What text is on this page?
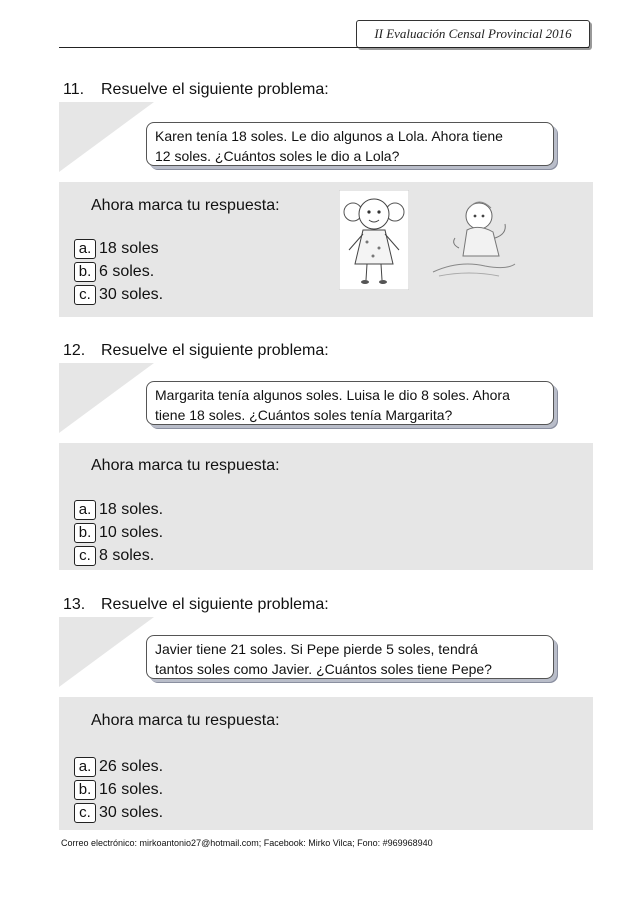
II Evaluación Censal Provincial 2016
11. Resuelve el siguiente problema:
Karen tenía 18 soles. Le dio algunos a Lola. Ahora tiene
12 soles. ¿Cuántos soles le dio a Lola?
Ahora marca tu respuesta:
a. 18 soles
b. 6 soles.
c. 30 soles.
12. Resuelve el siguiente problema:
Margarita tenía algunos soles. Luisa le dio 8 soles. Ahora
tiene 18 soles. ¿Cuántos soles tenía Margarita?
Ahora marca tu respuesta:
a. 18 soles.
b. 10 soles.
c. 8 soles.
13. Resuelve el siguiente problema:
Javier tiene 21 soles. Si Pepe pierde 5 soles, tendrá
tantos soles como Javier. ¿Cuántos soles tiene Pepe?
Ahora marca tu respuesta:
a. 26 soles.
b. 16 soles.
c. 30 soles.
Correo electrónico: mirkoantonio27@hotmail.com; Facebook: Mirko Vilca; Fono: #969968940
